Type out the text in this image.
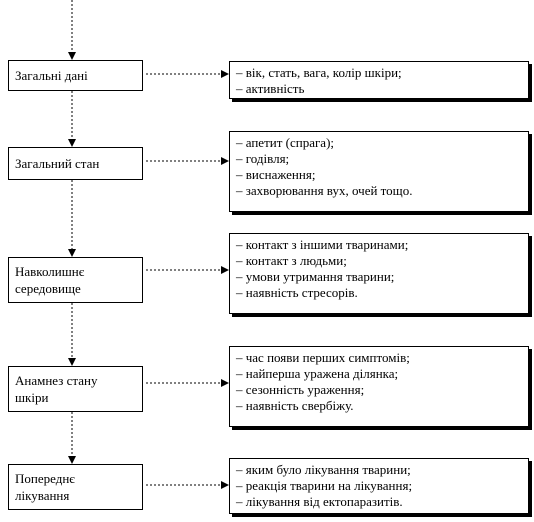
Загальні дані	– вік, стать, вага, колір шкіри;
– активність
Загальний стан
– апетит (спрага);
– годівля;
– виснаження;
– захворювання вух, очей тощо.
Навколишнє
середовище
– контакт з іншими тваринами;
– контакт з людьми;
– умови утримання тварини;
– наявність стресорів.
Анамнез стану
шкіри
– час появи перших симптомів;
– найперша уражена ділянка;
– сезонність ураження;
– наявність свербіжу.
Попереднє
лікування
– яким було лікування тварини;
– реакція тварини на лікування;
– лікування від ектопаразитів.
